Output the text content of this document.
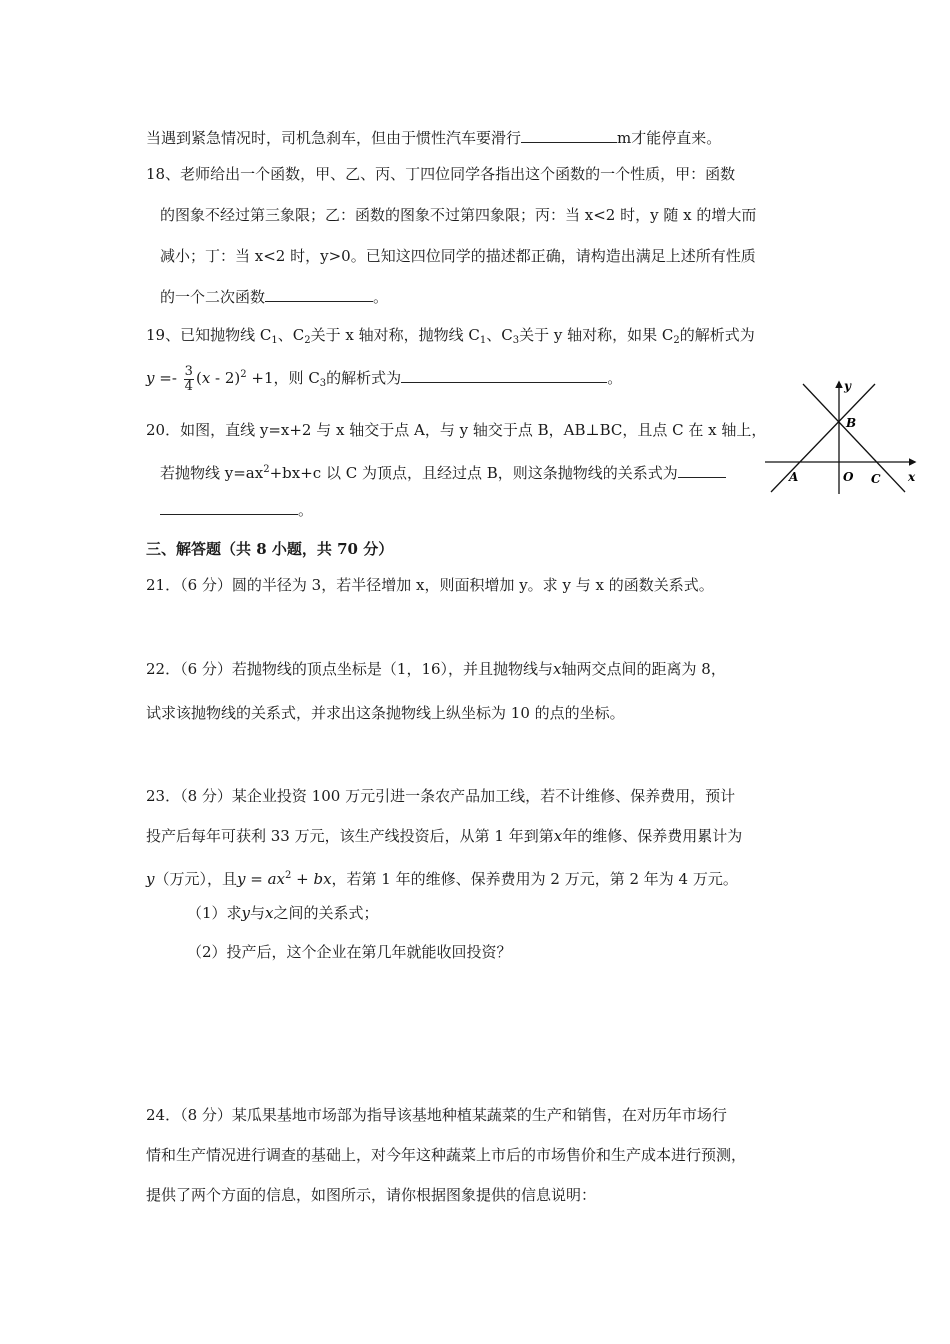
当遇到紧急情况时，司机急刹车，但由于惯性汽车要滑行	m才能停直来。
18、老师给出一个函数，甲、乙、丙、丁四位同学各指出这个函数的一个性质，甲：函数
的图象不经过第三象限；乙：函数的图象不过第四象限；丙：当 x<2 时，y 随 x 的增大而
减小；丁：当 x<2 时，y>0。已知这四位同学的描述都正确，请构造出满足上述所有性质
的一个二次函数	。
19、已知抛物线 $C_1$、$C_2$关于 x 轴对称，抛物线 $C_1$、$C_3$关于 y 轴对称，如果 $C_2$的解析式为
$y =- \frac{3}{4} (x - 2)^2 +1$，则 $C_3$的解析式为	。
20．如图，直线 y=x+2 与 x 轴交于点 A，与 y 轴交于点 B，AB⊥BC，且点 C 在 x 轴上，
若抛物线 $y=ax^2+bx+c$ 以 C 为顶点，且经过点 B，则这条抛物线的关系式为
。
x
y
B
A	O C
三、解答题（共 8 小题，共 70 分）
21．（6 分）圆的半径为 3，若半径增加 x，则面积增加 y。求 y 与 x 的函数关系式。
22．（6 分）若抛物线的顶点坐标是（1，16），并且抛物线与x轴两交点间的距离为 8，
试求该抛物线的关系式，并求出这条抛物线上纵坐标为 10 的点的坐标。
23．（8 分）某企业投资 100 万元引进一条农产品加工线，若不计维修、保养费用，预计
投产后每年可获利 33 万元，该生产线投资后，从第 1 年到第x年的维修、保养费用累计为
y（万元），且$y = ax^2$ + bx，若第 1 年的维修、保养费用为 2 万元，第 2 年为 4 万元。
（1）求y与x之间的关系式；
（2）投产后，这个企业在第几年就能收回投资？
24．（8 分）某瓜果基地市场部为指导该基地种植某蔬菜的生产和销售，在对历年市场行
情和生产情况进行调查的基础上，对今年这种蔬菜上市后的市场售价和生产成本进行预测，
提供了两个方面的信息，如图所示，请你根据图象提供的信息说明：
